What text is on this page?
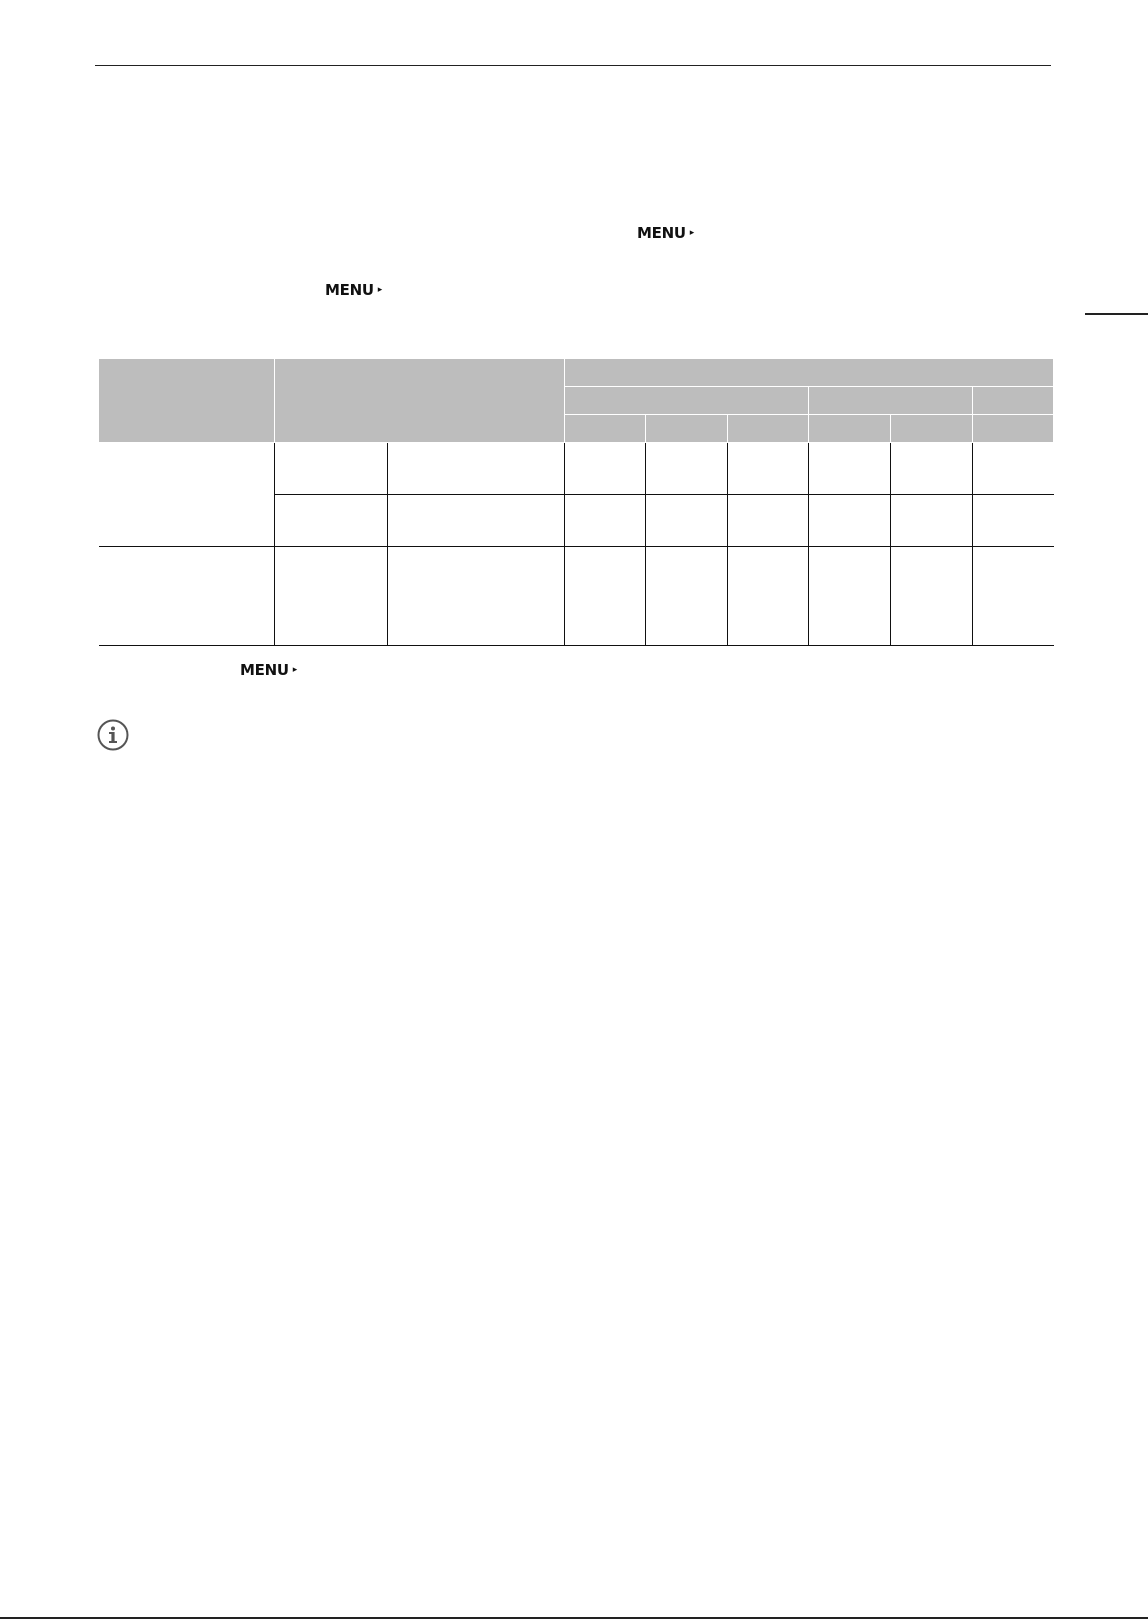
MENU ▸
MENU ▸

MENU ▸
